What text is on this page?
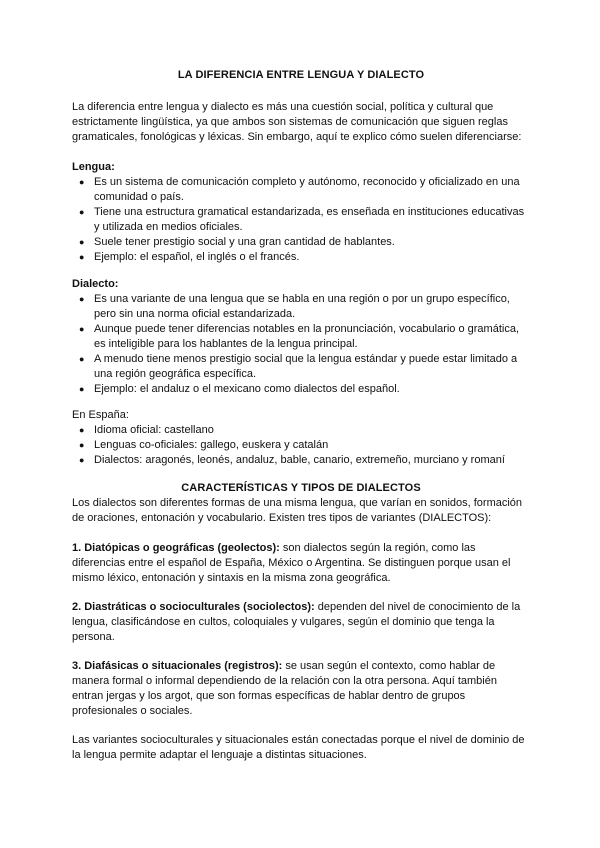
LA DIFERENCIA ENTRE LENGUA Y DIALECTO
La diferencia entre lengua y dialecto es más una cuestión social, política y cultural que estrictamente lingüística, ya que ambos son sistemas de comunicación que siguen reglas gramaticales, fonológicas y léxicas. Sin embargo, aquí te explico cómo suelen diferenciarse:
Lengua:
● Es un sistema de comunicación completo y autónomo, reconocido y oficializado en una comunidad o país.
● Tiene una estructura gramatical estandarizada, es enseñada en instituciones educativas y utilizada en medios oficiales.
● Suele tener prestigio social y una gran cantidad de hablantes.
● Ejemplo: el español, el inglés o el francés.
Dialecto:
● Es una variante de una lengua que se habla en una región o por un grupo específico, pero sin una norma oficial estandarizada.
● Aunque puede tener diferencias notables en la pronunciación, vocabulario o gramática, es inteligible para los hablantes de la lengua principal.
● A menudo tiene menos prestigio social que la lengua estándar y puede estar limitado a una región geográfica específica.
● Ejemplo: el andaluz o el mexicano como dialectos del español.
En España:
● Idioma oficial: castellano
● Lenguas co-oficiales: gallego, euskera y catalán
● Dialectos: aragonés, leonés, andaluz, bable, canario, extremeño, murciano y romaní
CARACTERÍSTICAS Y TIPOS DE DIALECTOS
Los dialectos son diferentes formas de una misma lengua, que varían en sonidos, formación de oraciones, entonación y vocabulario. Existen tres tipos de variantes (DIALECTOS):
1. Diatópicas o geográficas (geolectos): son dialectos según la región, como las diferencias entre el español de España, México o Argentina. Se distinguen porque usan el mismo léxico, entonación y sintaxis en la misma zona geográfica.
2. Diastráticas o socioculturales (sociolectos): dependen del nivel de conocimiento de la lengua, clasificándose en cultos, coloquiales y vulgares, según el dominio que tenga la persona.
3. Diafásicas o situacionales (registros): se usan según el contexto, como hablar de manera formal o informal dependiendo de la relación con la otra persona. Aquí también entran jergas y los argot, que son formas específicas de hablar dentro de grupos profesionales o sociales.
Las variantes socioculturales y situacionales están conectadas porque el nivel de dominio de la lengua permite adaptar el lenguaje a distintas situaciones.
